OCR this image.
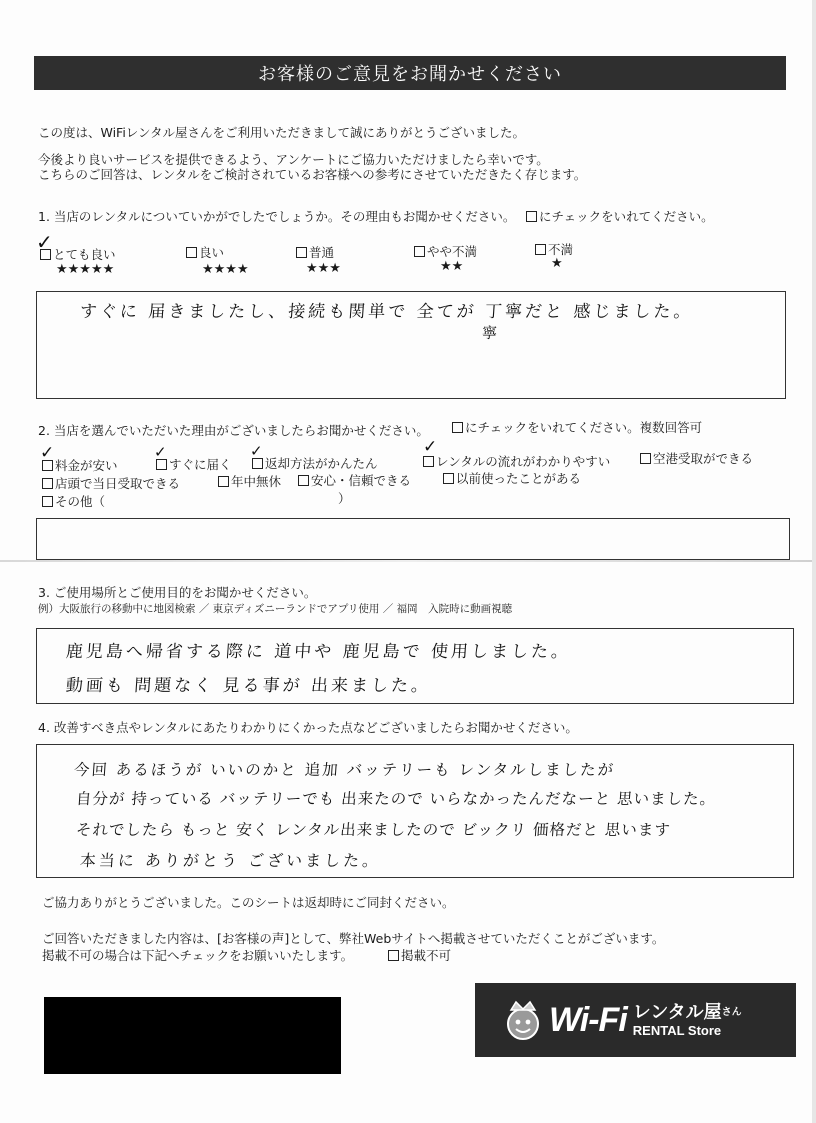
お客様のご意見をお聞かせください
この度は、WiFiレンタル屋さんをご利用いただきまして誠にありがとうございました。
今後より良いサービスを提供できるよう、アンケートにご協力いただけましたら幸いです。
こちらのご回答は、レンタルをご検討されているお客様への参考にさせていただきたく存じます。
1. 当店のレンタルについていかがでしたでしょうか。その理由もお聞かせください。	にチェックをいれてください。
とても良い
✓
★★★★★
良い
★★★★
普通
★★★
やや不満
★★
不満
★
すぐに 届きましたし、接続も関単で 全てが 丁寧だと 感じました。
寧
2. 当店を選んでいただいた理由がございましたらお聞かせください。	にチェックをいれてください。複数回答可
料金が安い
✓
すぐに届く
✓
返却方法がかんたん
✓
レンタルの流れがわかりやすい
✓
空港受取ができる
店頭で当日受取できる	年中無休	安心・信頼できる	以前使ったことがある
その他（	）
3. ご使用場所とご使用目的をお聞かせください。
例）大阪旅行の移動中に地図検索 ／ 東京ディズニーランドでアプリ使用 ／ 福岡　入院時に動画視聴
鹿児島へ帰省する際に 道中や 鹿児島で 使用しました。
動画も 問題なく 見る事が 出来ました。
4. 改善すべき点やレンタルにあたりわかりにくかった点などございましたらお聞かせください。
今回 あるほうが いいのかと 追加 バッテリーも レンタルしましたが
自分が 持っている バッテリーでも 出来たので いらなかったんだなーと 思いました。
それでしたら もっと 安く レンタル出来ましたので ビックリ 価格だと 思います
本当に ありがとう ございました。
ご協力ありがとうございました。このシートは返却時にご同封ください。
ご回答いただきました内容は、[お客様の声]として、弊社Webサイトへ掲載させていただくことがございます。
掲載不可の場合は下記へチェックをお願いいたします。	掲載不可
Wi-Fi レンタル屋$^{さん}$
RENTAL Store
